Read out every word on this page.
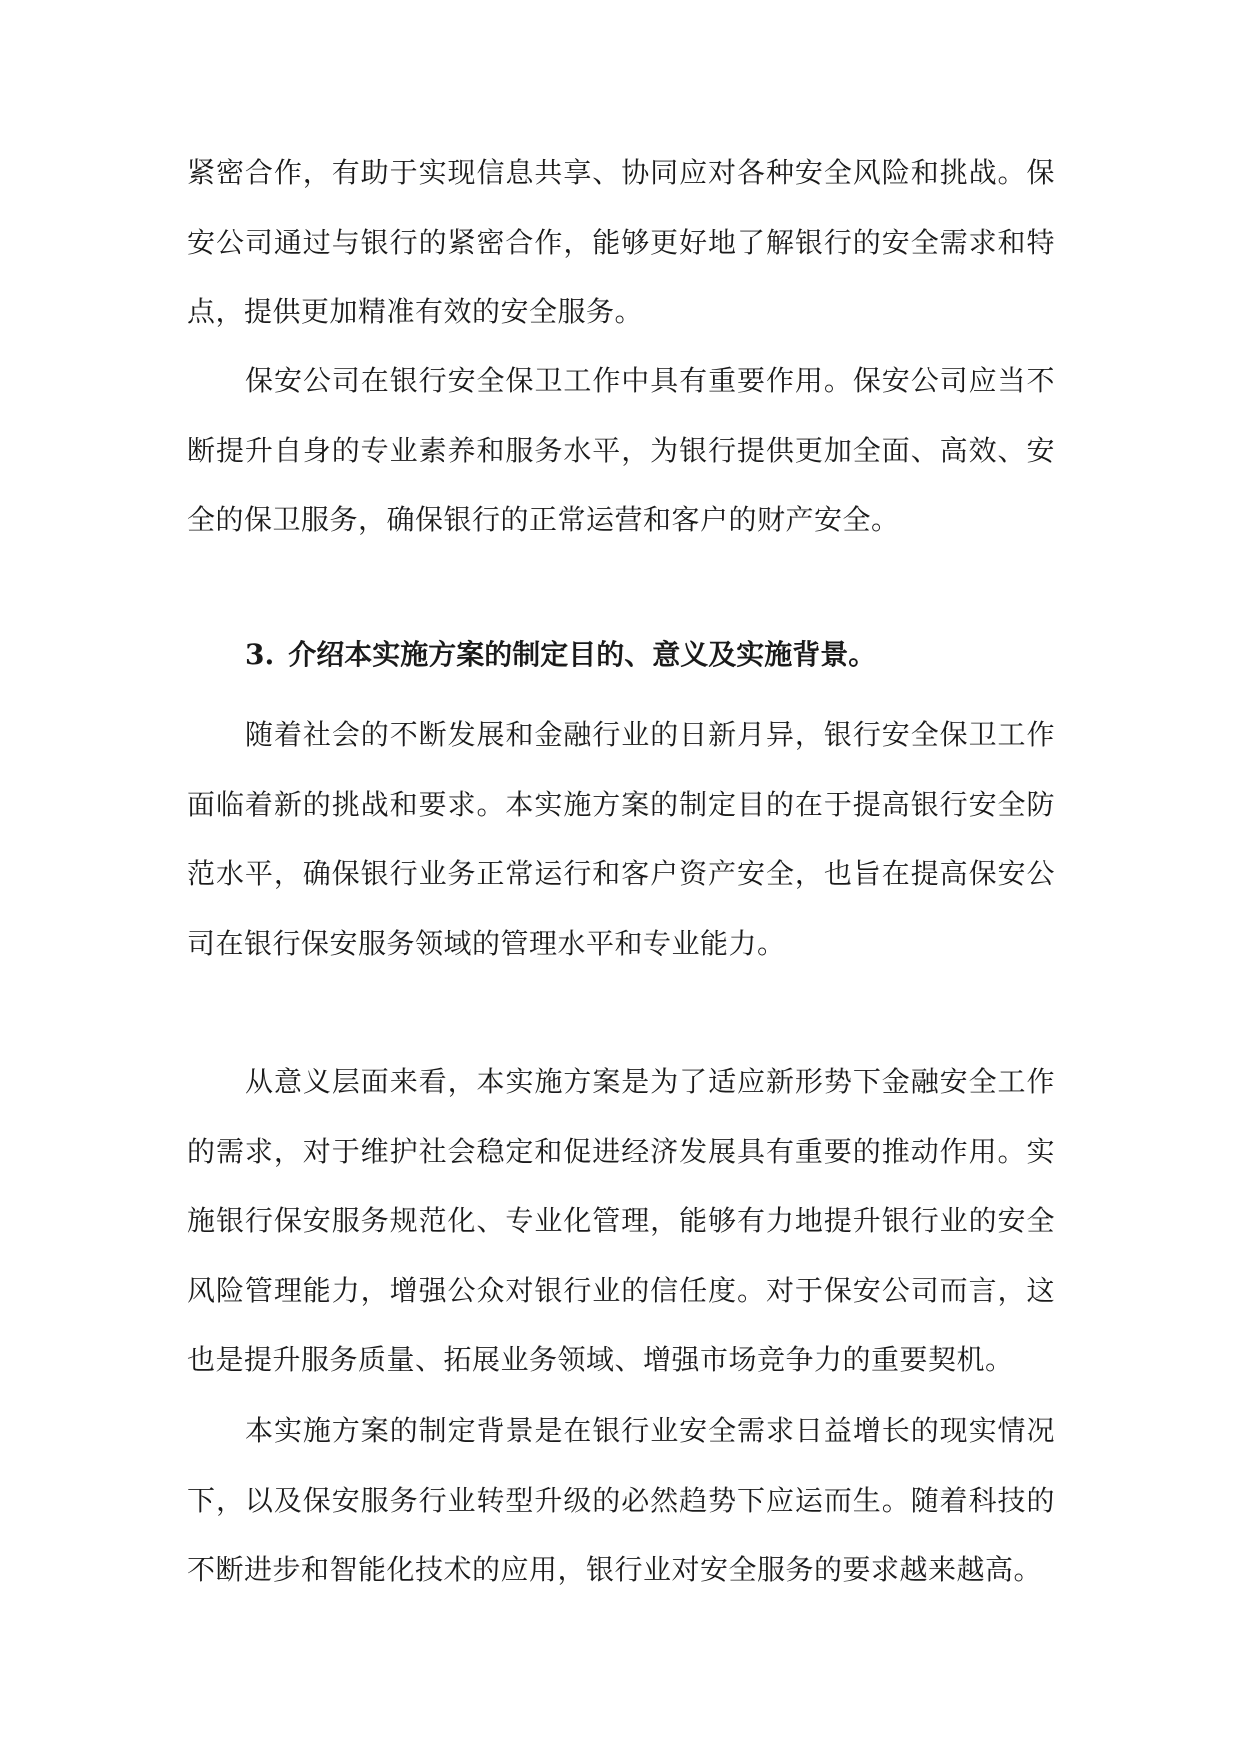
紧密合作，有助于实现信息共享、协同应对各种安全风险和挑战。保安公司通过与银行的紧密合作，能够更好地了解银行的安全需求和特点，提供更加精准有效的安全服务。

保安公司在银行安全保卫工作中具有重要作用。保安公司应当不断提升自身的专业素养和服务水平，为银行提供更加全面、高效、安全的保卫服务，确保银行的正常运营和客户的财产安全。

3. 介绍本实施方案的制定目的、意义及实施背景。

随着社会的不断发展和金融行业的日新月异，银行安全保卫工作面临着新的挑战和要求。本实施方案的制定目的在于提高银行安全防范水平，确保银行业务正常运行和客户资产安全，也旨在提高保安公司在银行保安服务领域的管理水平和专业能力。

从意义层面来看，本实施方案是为了适应新形势下金融安全工作的需求，对于维护社会稳定和促进经济发展具有重要的推动作用。实施银行保安服务规范化、专业化管理，能够有力地提升银行业的安全风险管理能力，增强公众对银行业的信任度。对于保安公司而言，这也是提升服务质量、拓展业务领域、增强市场竞争力的重要契机。

本实施方案的制定背景是在银行业安全需求日益增长的现实情况下，以及保安服务行业转型升级的必然趋势下应运而生。随着科技的不断进步和智能化技术的应用，银行业对安全服务的要求越来越高。
